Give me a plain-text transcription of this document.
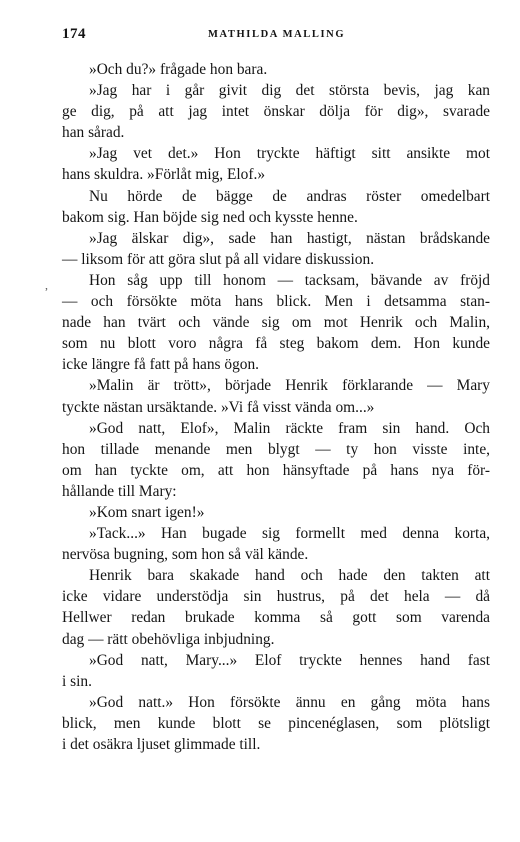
174	MATHILDA MALLING
,
»Och du?» frågade hon bara.
»Jag har i går givit dig det största bevis, jag kan
ge dig, på att jag intet önskar dölja för dig», svarade
han sårad.
»Jag vet det.» Hon tryckte häftigt sitt ansikte mot
hans skuldra. »Förlåt mig, Elof.»
Nu hörde de bägge de andras röster omedelbart
bakom sig. Han böjde sig ned och kysste henne.
»Jag älskar dig», sade han hastigt, nästan brådskande
— liksom för att göra slut på all vidare diskussion.
Hon såg upp till honom — tacksam, bävande av fröjd
— och försökte möta hans blick. Men i detsamma stan-
nade han tvärt och vände sig om mot Henrik och Malin,
som nu blott voro några få steg bakom dem. Hon kunde
icke längre få fatt på hans ögon.
»Malin är trött», började Henrik förklarande — Mary
tyckte nästan ursäktande. »Vi få visst vända om...»
»God natt, Elof», Malin räckte fram sin hand. Och
hon tillade menande men blygt — ty hon visste inte,
om han tyckte om, att hon hänsyftade på hans nya för-
hållande till Mary:
»Kom snart igen!»
»Tack...» Han bugade sig formellt med denna korta,
nervösa bugning, som hon så väl kände.
Henrik bara skakade hand och hade den takten att
icke vidare understödja sin hustrus, på det hela — då
Hellwer redan brukade komma så gott som varenda
dag — rätt obehövliga inbjudning.
»God natt, Mary...» Elof tryckte hennes hand fast
i sin.
»God natt.» Hon försökte ännu en gång möta hans
blick, men kunde blott se pincenéglasen, som plötsligt
i det osäkra ljuset glimmade till.
